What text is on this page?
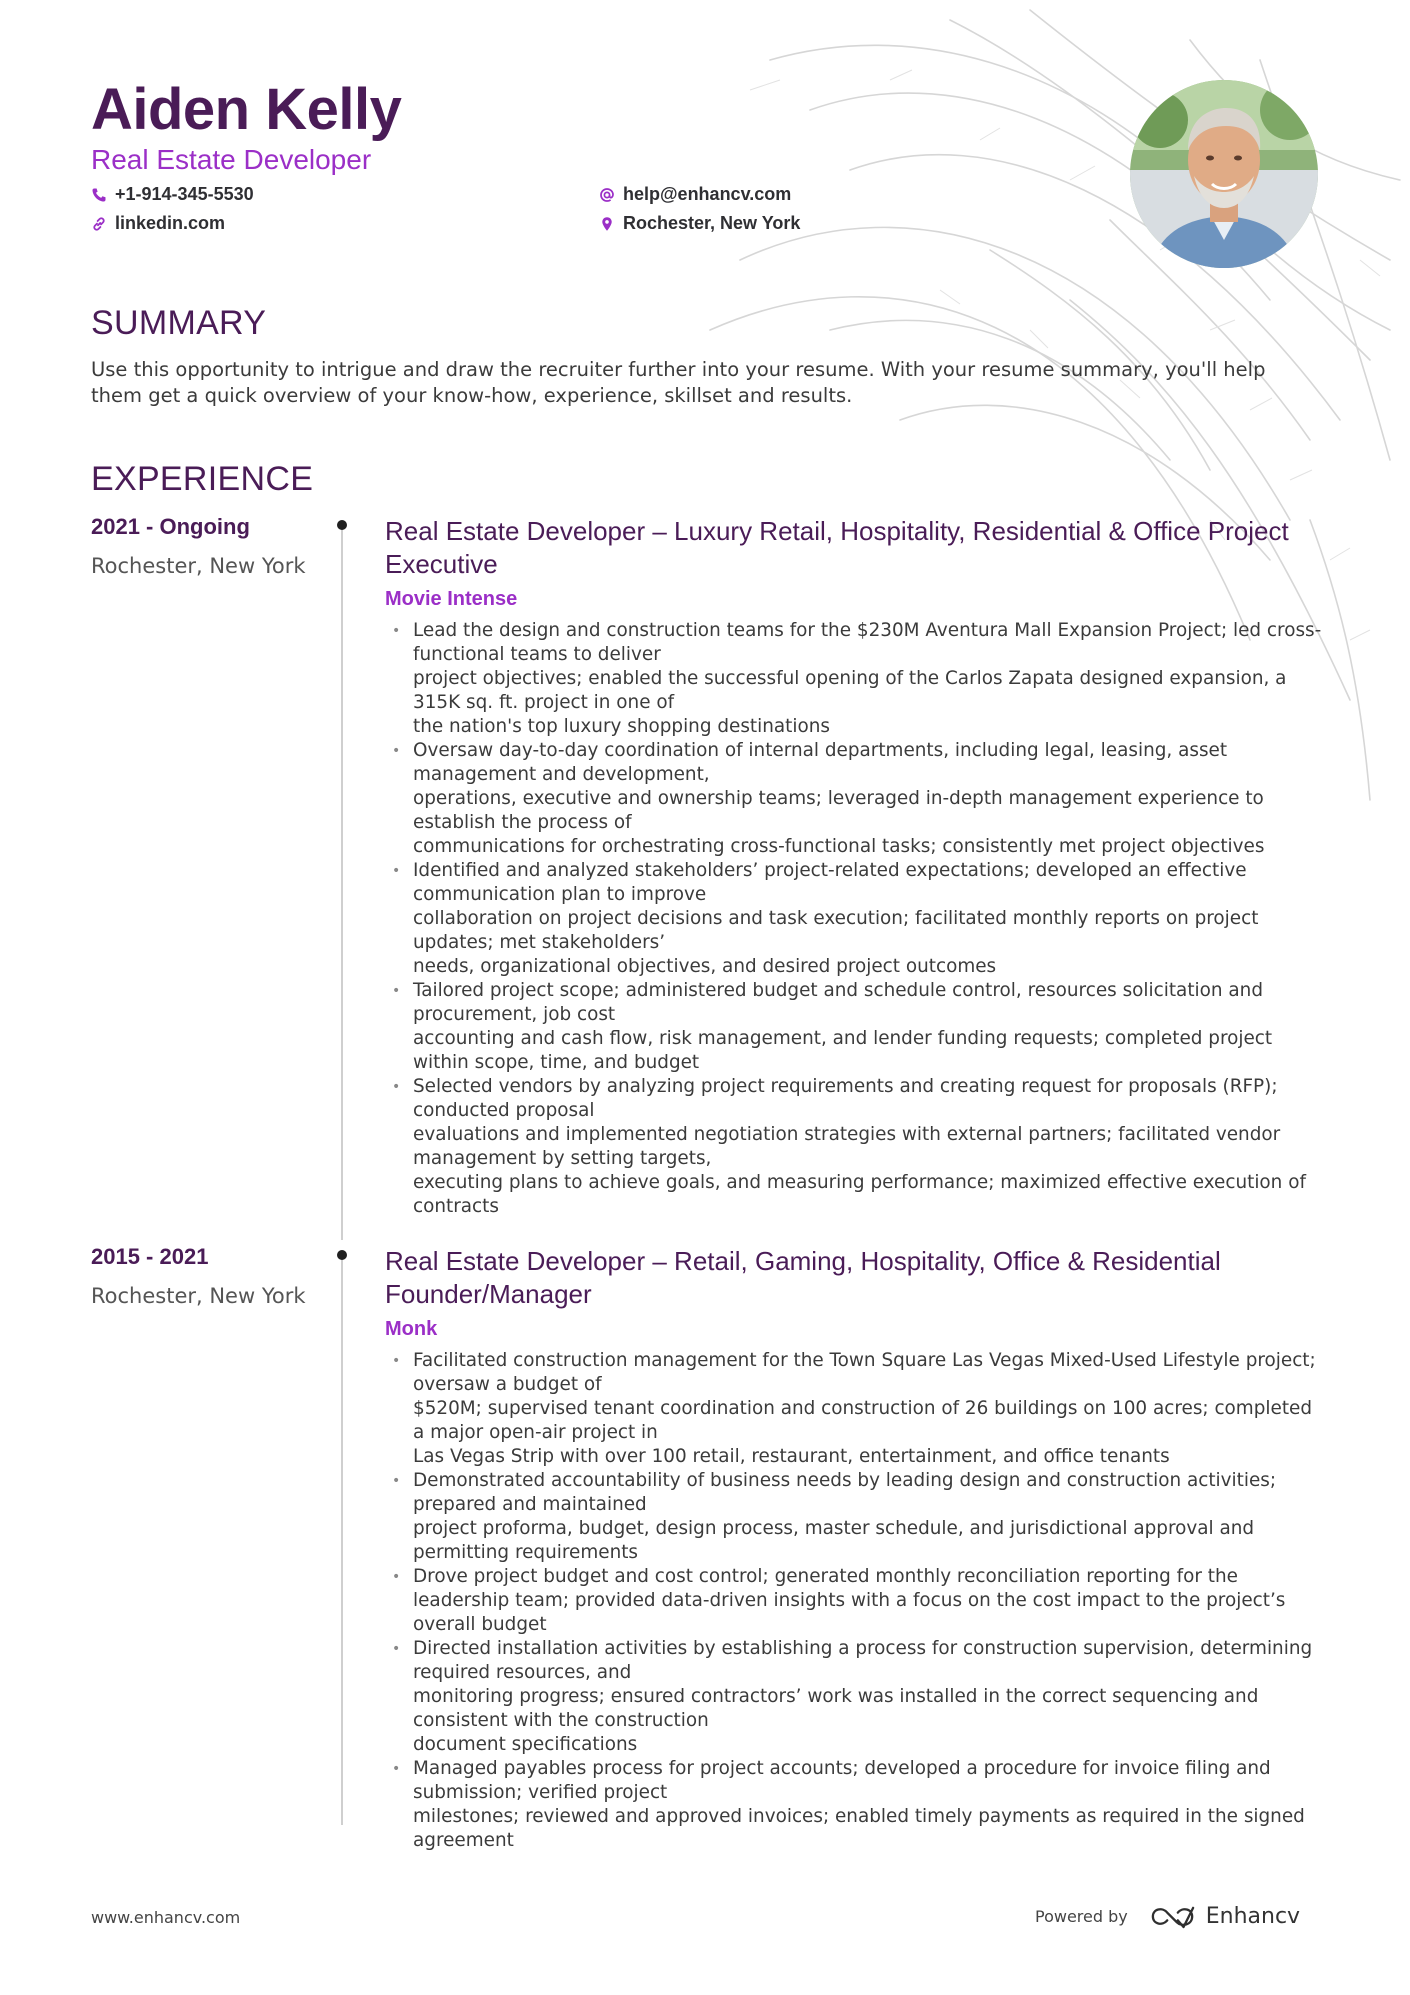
Aiden Kelly
Real Estate Developer
+1-914-345-5530
linkedin.com
help@enhancv.com
Rochester, New York
SUMMARY

Use this opportunity to intrigue and draw the recruiter further into your resume. With your resume summary, you'll help them get a quick overview of your know-how, experience, skillset and results.

EXPERIENCE
2021 - Ongoing
Rochester, New York
Real Estate Developer – Luxury Retail, Hospitality, Residential & Office Project Executive
Movie Intense
• Lead the design and construction teams for the $230M Aventura Mall Expansion Project; led cross-functional teams to deliver
project objectives; enabled the successful opening of the Carlos Zapata designed expansion, a 315K sq. ft. project in one of
the nation's top luxury shopping destinations
• Oversaw day-to-day coordination of internal departments, including legal, leasing, asset management and development,
operations, executive and ownership teams; leveraged in-depth management experience to establish the process of
communications for orchestrating cross-functional tasks; consistently met project objectives
• Identified and analyzed stakeholders’ project-related expectations; developed an effective communication plan to improve
collaboration on project decisions and task execution; facilitated monthly reports on project updates; met stakeholders’
needs, organizational objectives, and desired project outcomes
• Tailored project scope; administered budget and schedule control, resources solicitation and procurement, job cost
accounting and cash flow, risk management, and lender funding requests; completed project within scope, time, and budget
• Selected vendors by analyzing project requirements and creating request for proposals (RFP); conducted proposal
evaluations and implemented negotiation strategies with external partners; facilitated vendor management by setting targets,
executing plans to achieve goals, and measuring performance; maximized effective execution of contracts
2015 - 2021
Rochester, New York
Real Estate Developer – Retail, Gaming, Hospitality, Office & Residential Founder/Manager
Monk
• Facilitated construction management for the Town Square Las Vegas Mixed-Used Lifestyle project; oversaw a budget of
$520M; supervised tenant coordination and construction of 26 buildings on 100 acres; completed a major open-air project in
Las Vegas Strip with over 100 retail, restaurant, entertainment, and office tenants
• Demonstrated accountability of business needs by leading design and construction activities; prepared and maintained
project proforma, budget, design process, master schedule, and jurisdictional approval and permitting requirements
• Drove project budget and cost control; generated monthly reconciliation reporting for the leadership team; provided data-driven insights with a focus on the cost impact to the project’s overall budget
• Directed installation activities by establishing a process for construction supervision, determining required resources, and
monitoring progress; ensured contractors’ work was installed in the correct sequencing and consistent with the construction
document specifications
• Managed payables process for project accounts; developed a procedure for invoice filing and submission; verified project
milestones; reviewed and approved invoices; enabled timely payments as required in the signed agreement
www.enhancv.com	Powered by	Enhancv
